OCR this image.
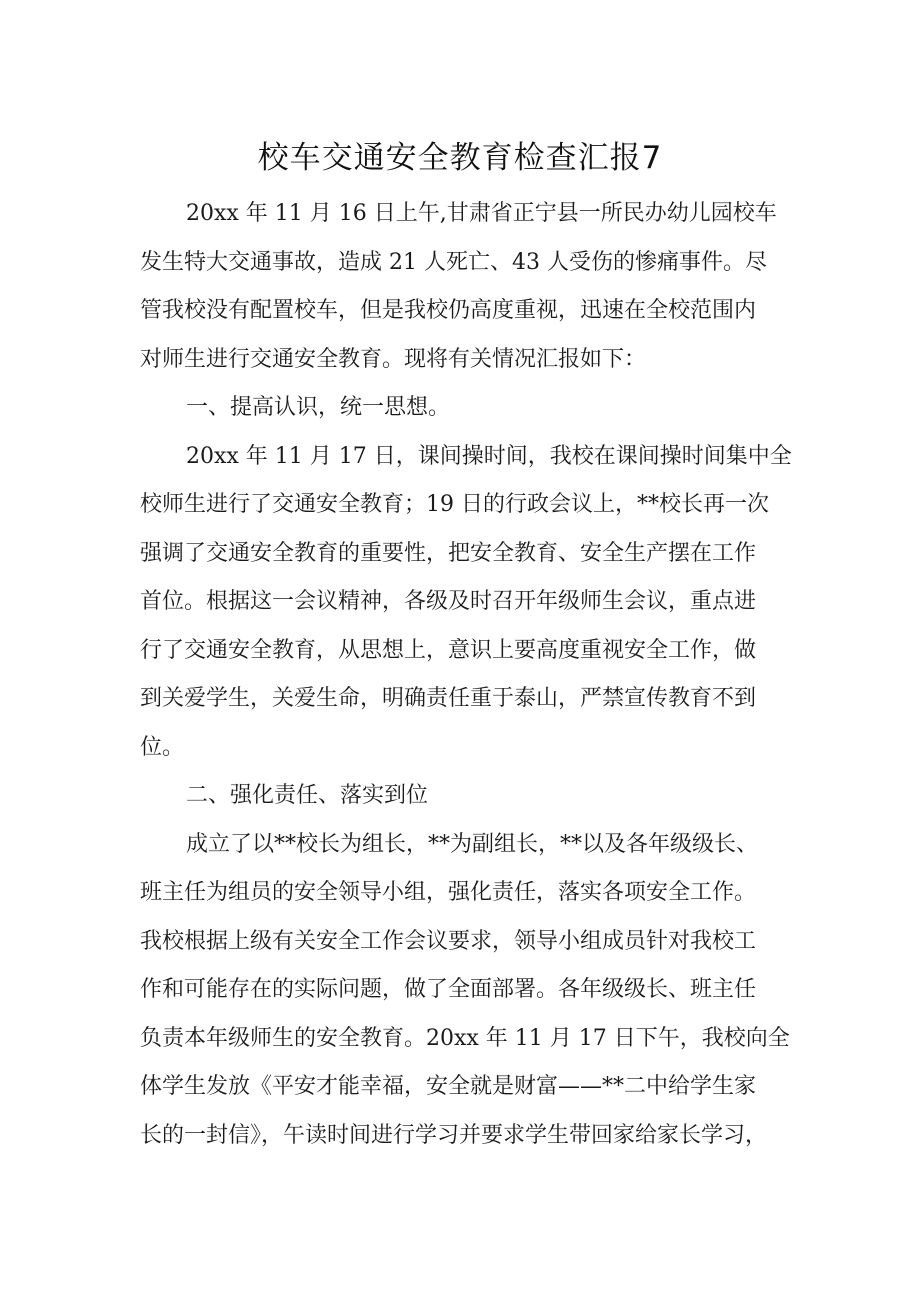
校车交通安全教育检查汇报7
20xx 年 11 月 16 日上午,甘肃省正宁县一所民办幼儿园校车
发生特大交通事故，造成 21 人死亡、43 人受伤的惨痛事件。尽
管我校没有配置校车，但是我校仍高度重视，迅速在全校范围内
对师生进行交通安全教育。现将有关情况汇报如下：
一、提高认识，统一思想。
20xx 年 11 月 17 日，课间操时间，我校在课间操时间集中全
校师生进行了交通安全教育；19 日的行政会议上，**校长再一次
强调了交通安全教育的重要性，把安全教育、安全生产摆在工作
首位。根据这一会议精神，各级及时召开年级师生会议，重点进
行了交通安全教育，从思想上，意识上要高度重视安全工作，做
到关爱学生，关爱生命，明确责任重于泰山，严禁宣传教育不到
位。
二、强化责任、落实到位
成立了以**校长为组长，**为副组长，**以及各年级级长、
班主任为组员的安全领导小组，强化责任，落实各项安全工作。
我校根据上级有关安全工作会议要求，领导小组成员针对我校工
作和可能存在的实际问题，做了全面部署。各年级级长、班主任
负责本年级师生的安全教育。20xx 年 11 月 17 日下午，我校向全
体学生发放《平安才能幸福，安全就是财富——**二中给学生家
长的一封信》，午读时间进行学习并要求学生带回家给家长学习，
